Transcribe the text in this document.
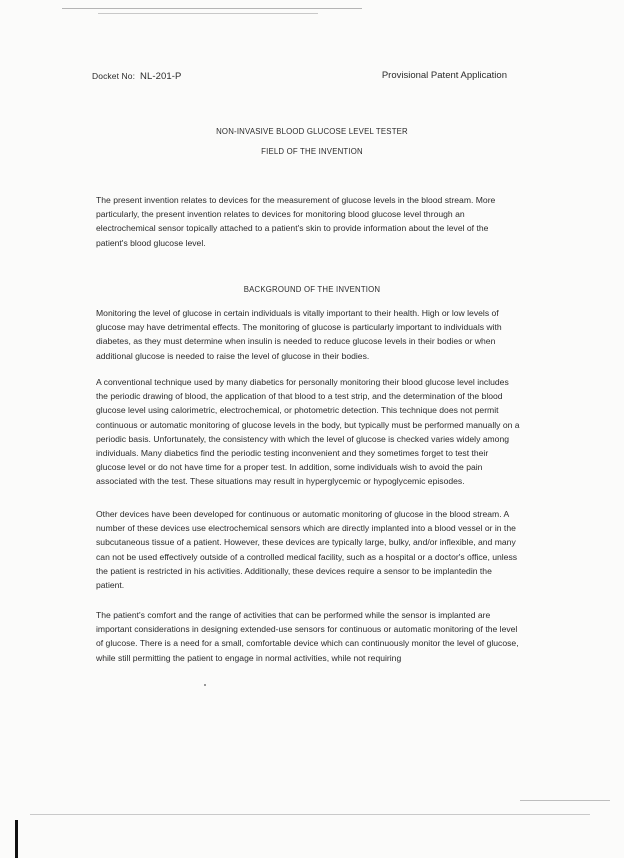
Docket No: NL-201-P	Provisional Patent Application
NON-INVASIVE BLOOD GLUCOSE LEVEL TESTER
FIELD OF THE INVENTION
The present invention relates to devices for the measurement of glucose levels in the blood stream. More particularly, the present invention relates to devices for monitoring blood glucose level through an electrochemical sensor topically attached to a patient's skin to provide information about the level of the patient's blood glucose level.
BACKGROUND OF THE INVENTION
Monitoring the level of glucose in certain individuals is vitally important to their health. High or low levels of glucose may have detrimental effects. The monitoring of glucose is particularly important to individuals with diabetes, as they must determine when insulin is needed to reduce glucose levels in their bodies or when additional glucose is needed to raise the level of glucose in their bodies.
A conventional technique used by many diabetics for personally monitoring their blood glucose level includes the periodic drawing of blood, the application of that blood to a test strip, and the determination of the blood glucose level using calorimetric, electrochemical, or photometric detection. This technique does not permit continuous or automatic monitoring of glucose levels in the body, but typically must be performed manually on a periodic basis. Unfortunately, the consistency with which the level of glucose is checked varies widely among individuals. Many diabetics find the periodic testing inconvenient and they sometimes forget to test their glucose level or do not have time for a proper test. In addition, some individuals wish to avoid the pain associated with the test. These situations may result in hyperglycemic or hypoglycemic episodes.
Other devices have been developed for continuous or automatic monitoring of glucose in the blood stream. A number of these devices use electrochemical sensors which are directly implanted into a blood vessel or in the subcutaneous tissue of a patient. However, these devices are typically large, bulky, and/or inflexible, and many can not be used effectively outside of a controlled medical facility, such as a hospital or a doctor's office, unless the patient is restricted in his activities. Additionally, these devices require a sensor to be implantedin the patient.
The patient's comfort and the range of activities that can be performed while the sensor is implanted are important considerations in designing extended-use sensors for continuous or automatic monitoring of the level of glucose. There is a need for a small, comfortable device which can continuously monitor the level of glucose, while still permitting the patient to engage in normal activities, while not requiring
